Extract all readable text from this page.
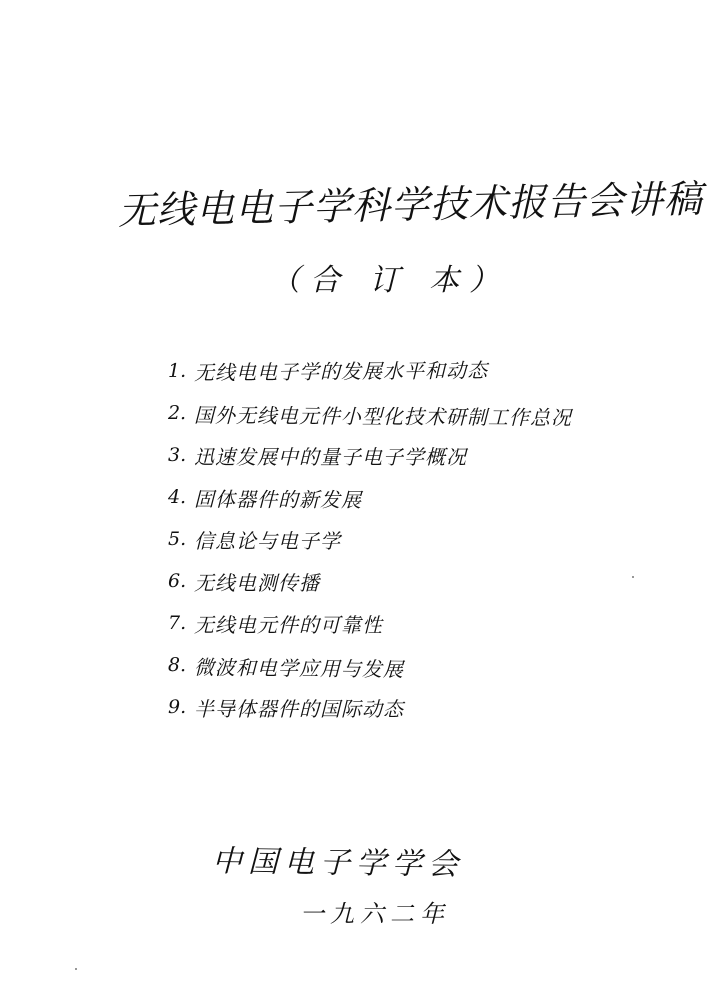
无线电电子学科学技术报告会讲稿
（合 订 本）
1. 无线电电子学的发展水平和动态
2. 国外无线电元件小型化技术研制工作总况
3. 迅速发展中的量子电子学概况
4. 固体器件的新发展
5. 信息论与电子学
6. 无线电测传播
7. 无线电元件的可靠性
8. 微波和电学应用与发展
9. 半导体器件的国际动态
中国电子学学会
一九六二年
